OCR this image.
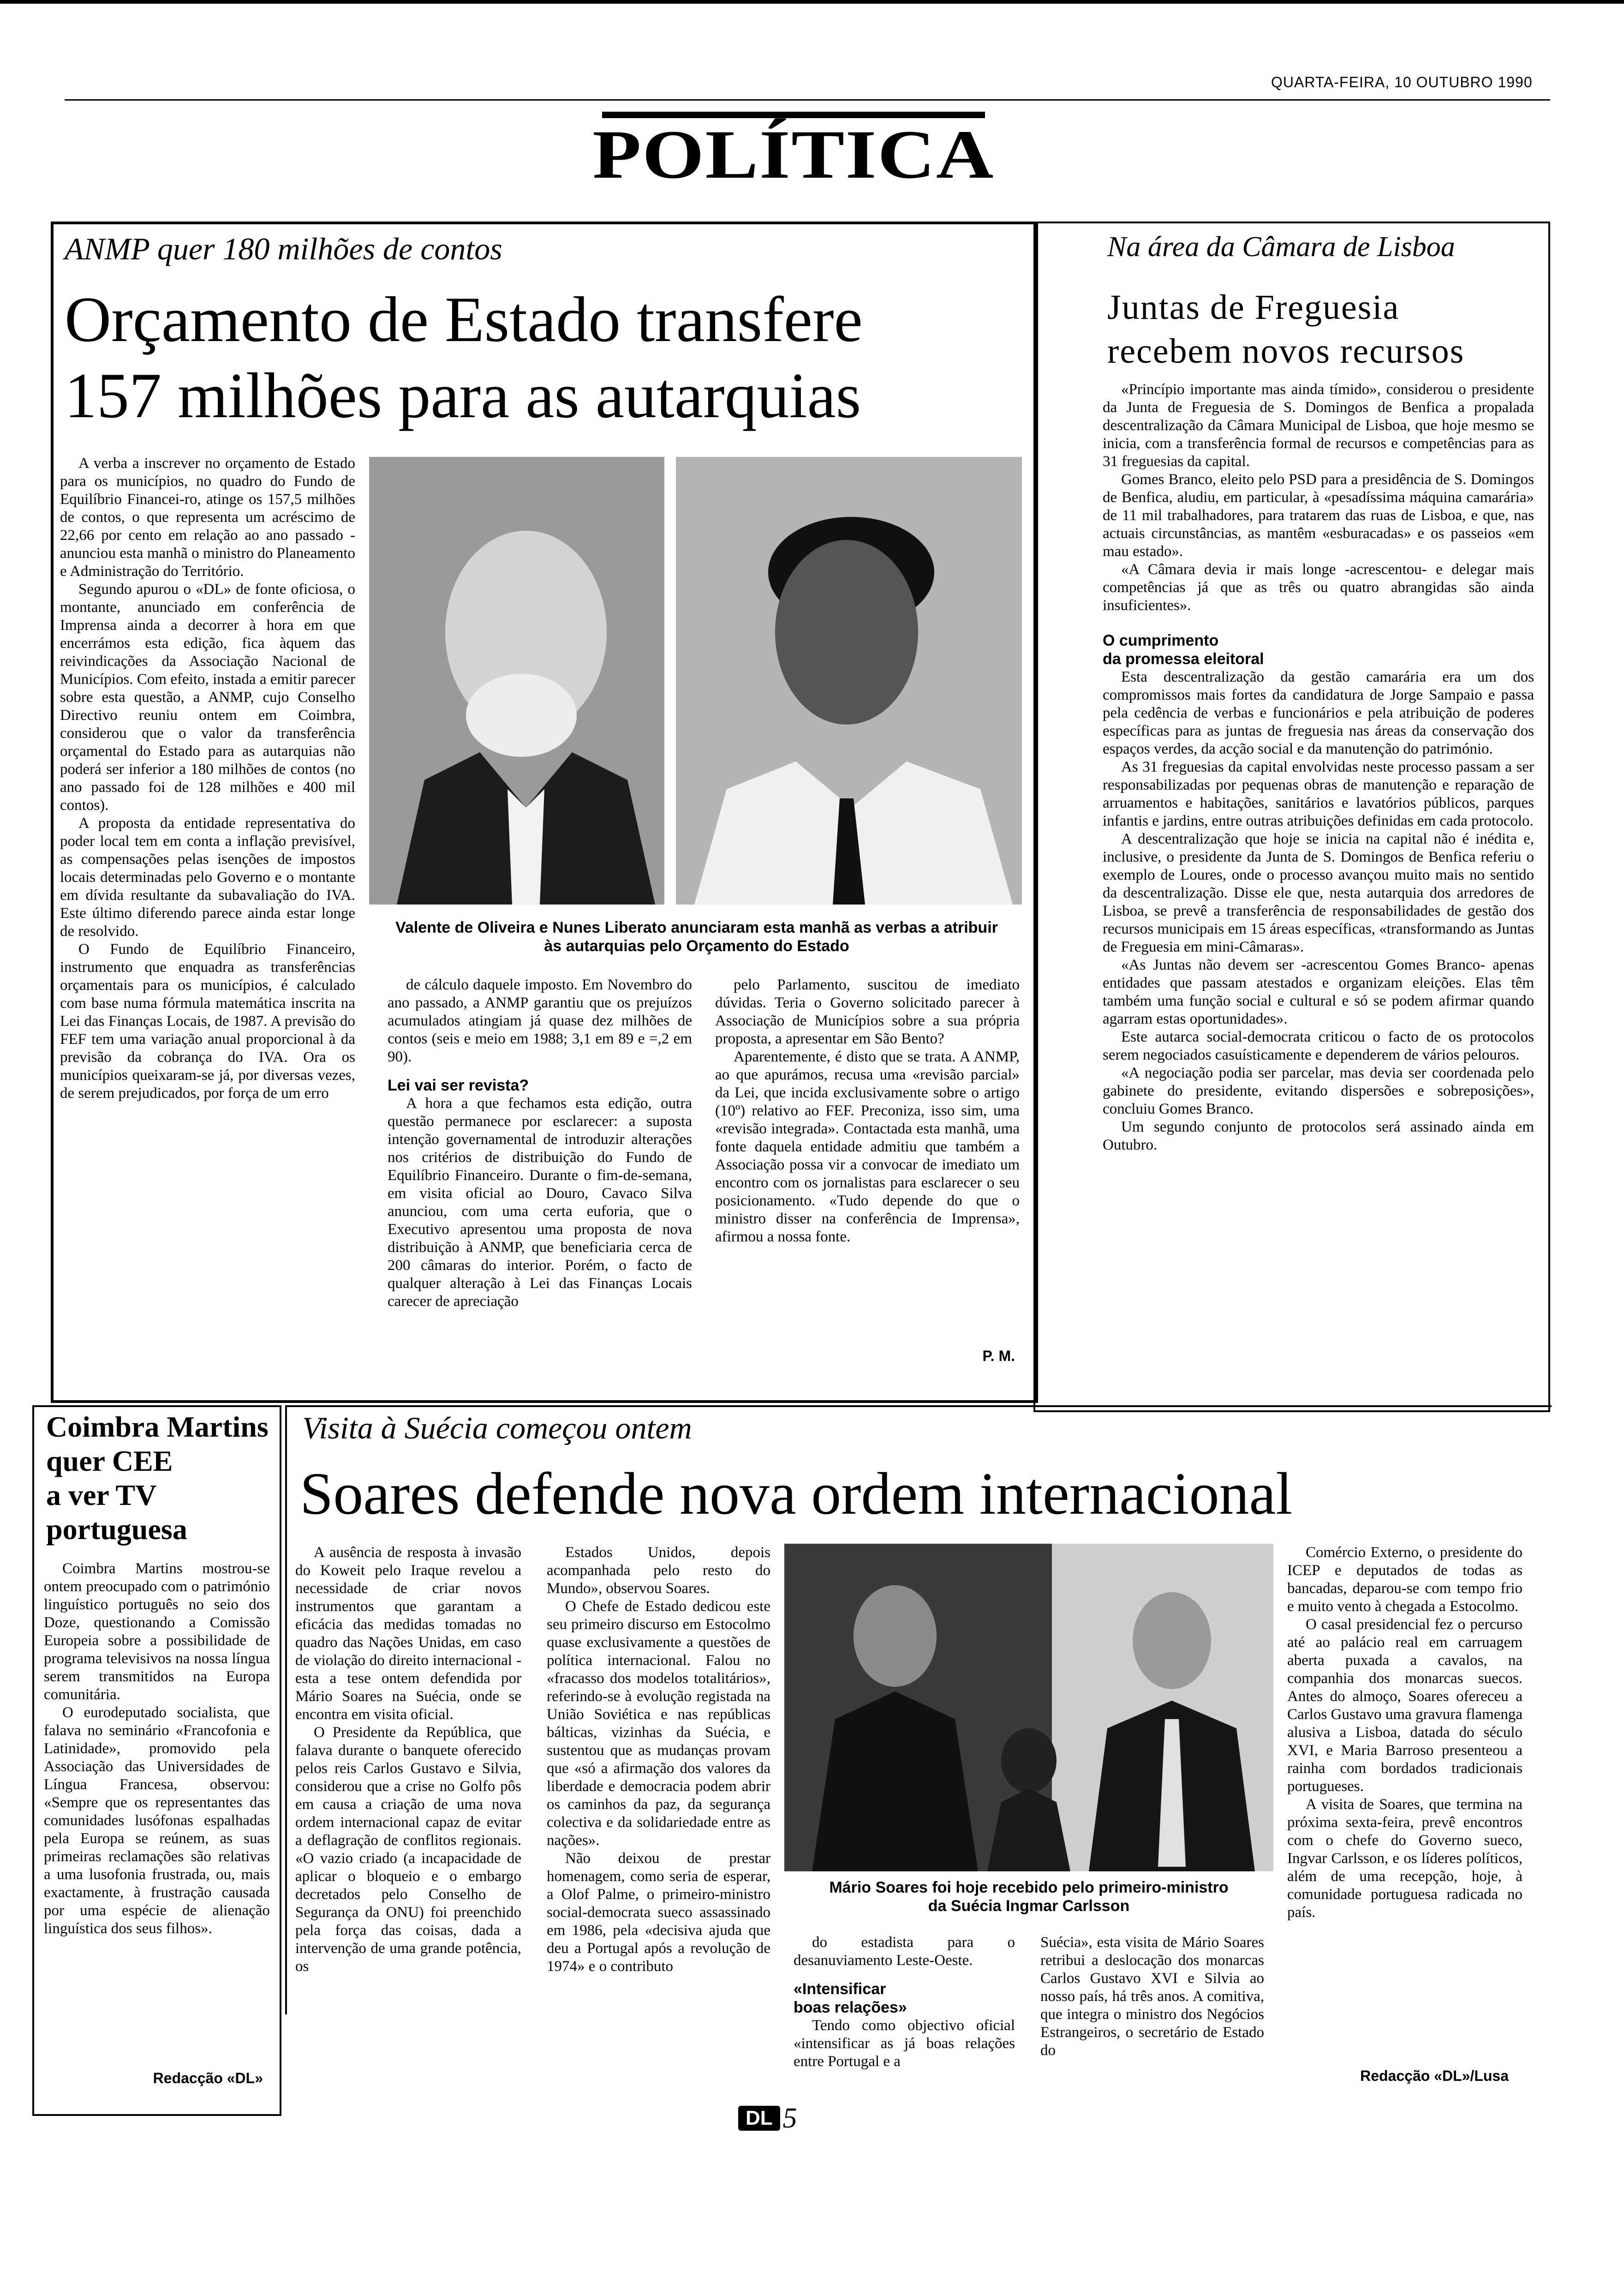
QUARTA-FEIRA, 10 OUTUBRO 1990
POLÍTICA
ANMP quer 180 milhões de contos
Orçamento de Estado transfere
157 milhões para as autarquias

A verba a inscrever no orçamento de Estado para os municípios, no quadro do Fundo de Equilíbrio Financei-ro, atinge os 157,5 milhões de contos, o que representa um acréscimo de 22,66 por cento em relação ao ano passado - anunciou esta manhã o ministro do Planeamento e Administração do Território.

Segundo apurou o «DL» de fonte oficiosa, o montante, anunciado em conferência de Imprensa ainda a decorrer à hora em que encerrámos esta edição, fica àquem das reivindicações da Associação Nacional de Municípios. Com efeito, instada a emitir parecer sobre esta questão, a ANMP, cujo Conselho Directivo reuniu ontem em Coimbra, considerou que o valor da transferência orçamental do Estado para as autarquias não poderá ser inferior a 180 milhões de contos (no ano passado foi de 128 milhões e 400 mil contos).

A proposta da entidade representativa do poder local tem em conta a inflação previsível, as compensações pelas isenções de impostos locais determinadas pelo Governo e o montante em dívida resultante da subavaliação do IVA. Este último diferendo parece ainda estar longe de resolvido.

O Fundo de Equilíbrio Financeiro, instrumento que enquadra as transferências orçamentais para os municípios, é calculado com base numa fórmula matemática inscrita na Lei das Finanças Locais, de 1987. A previsão do FEF tem uma variação anual proporcional à da previsão da cobrança do IVA. Ora os municípios queixaram-se já, por diversas vezes, de serem prejudicados, por força de um erro

Valente de Oliveira e Nunes Liberato anunciaram esta manhã as verbas a atribuir
às autarquias pelo Orçamento do Estado

de cálculo daquele imposto. Em Novembro do ano passado, a ANMP garantiu que os prejuízos acumulados atingiam já quase dez milhões de contos (seis e meio em 1988; 3,1 em 89 e =,2 em 90).

Lei vai ser revista?

A hora a que fechamos esta edição, outra questão permanece por esclarecer: a suposta intenção governamental de introduzir alterações nos critérios de distribuição do Fundo de Equilíbrio Financeiro. Durante o fim-de-semana, em visita oficial ao Douro, Cavaco Silva anunciou, com uma certa euforia, que o Executivo apresentou uma proposta de nova distribuição à ANMP, que beneficiaria cerca de 200 câmaras do interior. Porém, o facto de qualquer alteração à Lei das Finanças Locais carecer de apreciação

pelo Parlamento, suscitou de imediato dúvidas. Teria o Governo solicitado parecer à Associação de Municípios sobre a sua própria proposta, a apresentar em São Bento?

Aparentemente, é disto que se trata. A ANMP, ao que apurámos, recusa uma «revisão parcial» da Lei, que incida exclusivamente sobre o artigo (10º) relativo ao FEF. Preconiza, isso sim, uma «revisão integrada». Contactada esta manhã, uma fonte daquela entidade admitiu que também a Associação possa vir a convocar de imediato um encontro com os jornalistas para esclarecer o seu posicionamento. «Tudo depende do que o ministro disser na conferência de Imprensa», afirmou a nossa fonte.

P. M.
Na área da Câmara de Lisboa
Juntas de Freguesia
recebem novos recursos

«Princípio importante mas ainda tímido», considerou o presidente da Junta de Freguesia de S. Domingos de Benfica a propalada descentralização da Câmara Municipal de Lisboa, que hoje mesmo se inicia, com a transferência formal de recursos e competências para as 31 freguesias da capital.

Gomes Branco, eleito pelo PSD para a presidência de S. Domingos de Benfica, aludiu, em particular, à «pesadíssima máquina camarária» de 11 mil trabalhadores, para tratarem das ruas de Lisboa, e que, nas actuais circunstâncias, as mantêm «esburacadas» e os passeios «em mau estado».

«A Câmara devia ir mais longe -acrescentou- e delegar mais competências já que as três ou quatro abrangidas são ainda insuficientes».

O cumprimento
da promessa eleitoral

Esta descentralização da gestão camarária era um dos compromissos mais fortes da candidatura de Jorge Sampaio e passa pela cedência de verbas e funcionários e pela atribuição de poderes específicas para as juntas de freguesia nas áreas da conservação dos espaços verdes, da acção social e da manutenção do património.

As 31 freguesias da capital envolvidas neste processo passam a ser responsabilizadas por pequenas obras de manutenção e reparação de arruamentos e habitações, sanitários e lavatórios públicos, parques infantis e jardins, entre outras atribuições definidas em cada protocolo.

A descentralização que hoje se inicia na capital não é inédita e, inclusive, o presidente da Junta de S. Domingos de Benfica referiu o exemplo de Loures, onde o processo avançou muito mais no sentido da descentralização. Disse ele que, nesta autarquia dos arredores de Lisboa, se prevê a transferência de responsabilidades de gestão dos recursos municipais em 15 áreas específicas, «transformando as Juntas de Freguesia em mini-Câmaras».

«As Juntas não devem ser -acrescentou Gomes Branco- apenas entidades que passam atestados e organizam eleições. Elas têm também uma função social e cultural e só se podem afirmar quando agarram estas oportunidades».

Este autarca social-democrata criticou o facto de os protocolos serem negociados casuísticamente e dependerem de vários pelouros.

«A negociação podia ser parcelar, mas devia ser coordenada pelo gabinete do presidente, evitando dispersões e sobreposições», concluiu Gomes Branco.

Um segundo conjunto de protocolos será assinado ainda em Outubro.

Coimbra Martins
quer CEE
a ver TV
portuguesa

Coimbra Martins mostrou-se ontem preocupado com o património linguístico português no seio dos Doze, questionando a Comissão Europeia sobre a possibilidade de programa televisivos na nossa língua serem transmitidos na Europa comunitária.

O eurodeputado socialista, que falava no seminário «Francofonia e Latinidade», promovido pela Associação das Universidades de Língua Francesa, observou: «Sempre que os representantes das comunidades lusófonas espalhadas pela Europa se reúnem, as suas primeiras reclamações são relativas a uma lusofonia frustrada, ou, mais exactamente, à frustração causada por uma espécie de alienação linguística dos seus filhos».

Redacção «DL»
Visita à Suécia começou ontem
Soares defende nova ordem internacional

A ausência de resposta à invasão do Koweit pelo Iraque revelou a necessidade de criar novos instrumentos que garantam a eficácia das medidas tomadas no quadro das Nações Unidas, em caso de violação do direito internacional - esta a tese ontem defendida por Mário Soares na Suécia, onde se encontra em visita oficial.

O Presidente da República, que falava durante o banquete oferecido pelos reis Carlos Gustavo e Silvia, considerou que a crise no Golfo pôs em causa a criação de uma nova ordem internacional capaz de evitar a deflagração de conflitos regionais. «O vazio criado (a incapacidade de aplicar o bloqueio e o embargo decretados pelo Conselho de Segurança da ONU) foi preenchido pela força das coisas, dada a intervenção de uma grande potência, os

Estados Unidos, depois acompanhada pelo resto do Mundo», observou Soares.

O Chefe de Estado dedicou este seu primeiro discurso em Estocolmo quase exclusivamente a questões de política internacional. Falou no «fracasso dos modelos totalitários», referindo-se à evolução registada na União Soviética e nas repúblicas bálticas, vizinhas da Suécia, e sustentou que as mudanças provam que «só a afirmação dos valores da liberdade e democracia podem abrir os caminhos da paz, da segurança colectiva e da solidariedade entre as nações».

Não deixou de prestar homenagem, como seria de esperar, a Olof Palme, o primeiro-ministro social-democrata sueco assassinado em 1986, pela «decisiva ajuda que deu a Portugal após a revolução de 1974» e o contributo

Mário Soares foi hoje recebido pelo primeiro-ministro
da Suécia Ingmar Carlsson

do estadista para o desanuviamento Leste-Oeste.

«Intensificar
boas relações»

Tendo como objectivo oficial «intensificar as já boas relações entre Portugal e a

Suécia», esta visita de Mário Soares retribui a deslocação dos monarcas Carlos Gustavo XVI e Silvia ao nosso país, há três anos. A comitiva, que integra o ministro dos Negócios Estrangeiros, o secretário de Estado do

Comércio Externo, o presidente do ICEP e deputados de todas as bancadas, deparou-se com tempo frio e muito vento à chegada a Estocolmo.

O casal presidencial fez o percurso até ao palácio real em carruagem aberta puxada a cavalos, na companhia dos monarcas suecos. Antes do almoço, Soares ofereceu a Carlos Gustavo uma gravura flamenga alusiva a Lisboa, datada do século XVI, e Maria Barroso presenteou a rainha com bordados tradicionais portugueses.

A visita de Soares, que termina na próxima sexta-feira, prevê encontros com o chefe do Governo sueco, Ingvar Carlsson, e os líderes políticos, além de uma recepção, hoje, à comunidade portuguesa radicada no país.

Redacção «DL»/Lusa
DL 5
